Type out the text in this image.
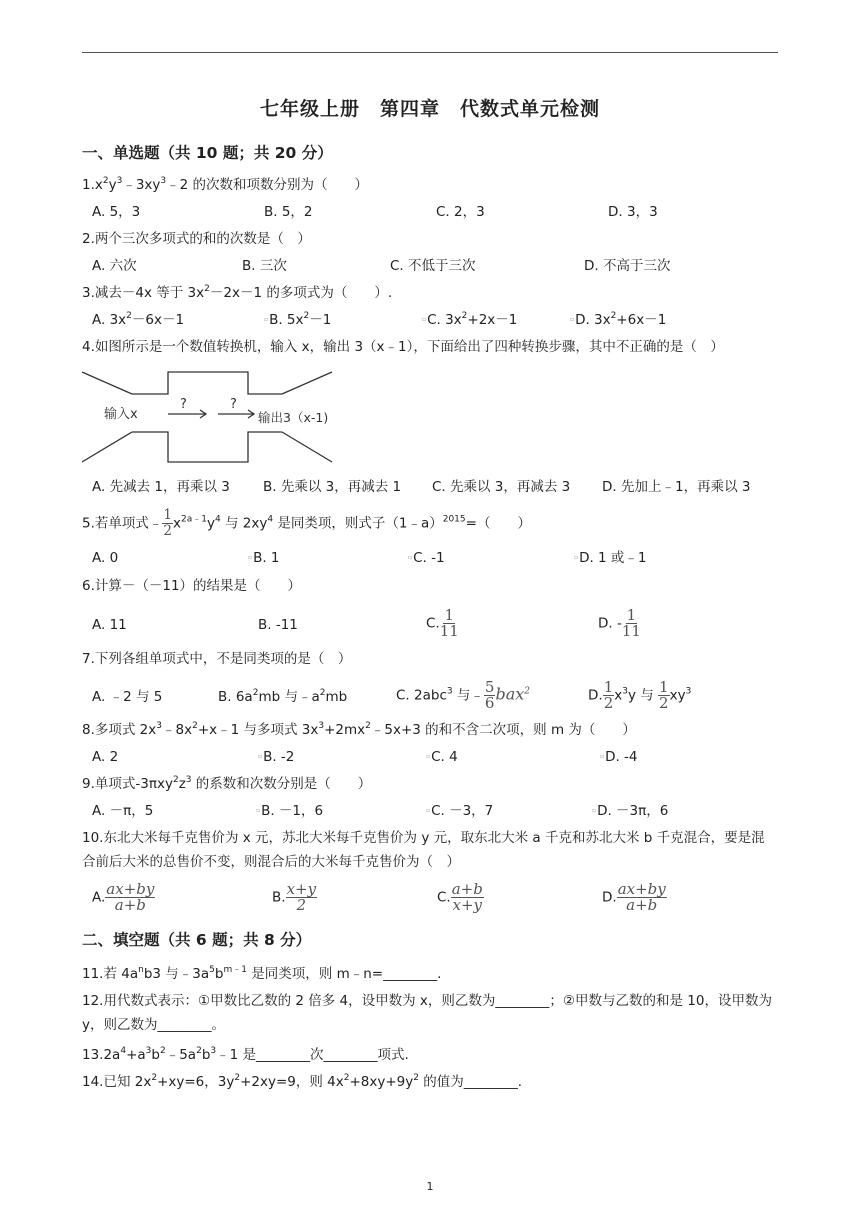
七年级上册　第四章　代数式单元检测
一、单选题（共 10 题；共 20 分）
$1.x^2y^3﹣3xy^3﹣2$ 的次数和项数分别为（　　）
A. 5，3	B. 5，2	C. 2，3	D. 3，3
2.两个三次多项式的和的次数是（　）
A. 六次	B. 三次	C. 不低于三次	D. 不高于三次
3.减去－4x 等于 $3x^2-2x-1$ 的多项式为（　　）.
A. $3x^2-6x-1$	▫B. $5x^2-1$	▫C. $3x^2+2x-1$	▫D. $3x^2+6x-1$
4.如图所示是一个数值转换机，输入 x，输出 3（x﹣1），下面给出了四种转换步骤，其中不正确的是（　）
输入x
?	?
输出3（x-1)
A. 先减去 1，再乘以 3 B. 先乘以 3，再减去 1 C. 先乘以 3，再减去 3 D. 先加上﹣1，再乘以 3
5.若单项式﹣ $\frac{1}{2} x^{2a﹣1}y^4$ 与 $2xy^4$ 是同类项，则式子（1﹣a）$^{2015}$=（　　）
A. 0	▫B. 1	▫C. -1	▫D. 1 或﹣1
6.计算－（－11）的结果是（　　）
A. 11	B. -11	C. $\frac{1}{11}$	D. - $\frac{1}{11}$
7.下列各组单项式中，不是同类项的是（　）
A. ﹣2 与 5	B. $6a^2mb$ 与$﹣a^2mb$	C. 2abc$^3$ 与﹣ $\frac{5}{6} bax^2$	D. $\frac{1}{2} x^3y$ 与 $\frac{1}{2} xy^3$
8.多项式 $2x^3﹣8x^2+x﹣1$ 与多项式 $3x^3+2mx^2﹣5x+3$ 的和不含二次项，则 m 为（　　）
A. 2	▫B. -2	▫C. 4	▫D. -4
9.单项式$-3\pi xy^2z^3$ 的系数和次数分别是（　　）
A. －π，5	▫B. －1，6	▫C. －3，7	▫D. －3π，6
10.东北大米每千克售价为 x 元，苏北大米每千克售价为 y 元，取东北大米 a 千克和苏北大米 b 千克混合，要是混合前后大米的总售价不变，则混合后的大米每千克售价为（　）
A. $\frac{ax+by}{a+b}$	B. $\frac{x+y}{2}$	C. $\frac{a+b}{x+y}$	D. $\frac{ax+by}{a+b}$
二、填空题（共 6 题；共 8 分）
11.若 $4a^nb3$ 与$﹣3a^5b^{m﹣1}$ 是同类项，则 m﹣n=________.
12.用代数式表示：①甲数比乙数的 2 倍多 4，设甲数为 x，则乙数为________；②甲数与乙数的和是 10，设甲数为 y，则乙数为________。
$13.2a^4+a^3b^2﹣5a^2b^3﹣1$ 是________次________项式.
14.已知 $2x^2+xy=6$，$3y^2+2xy=9$，则 $4x^2+8xy+9y^2$ 的值为________.
1
